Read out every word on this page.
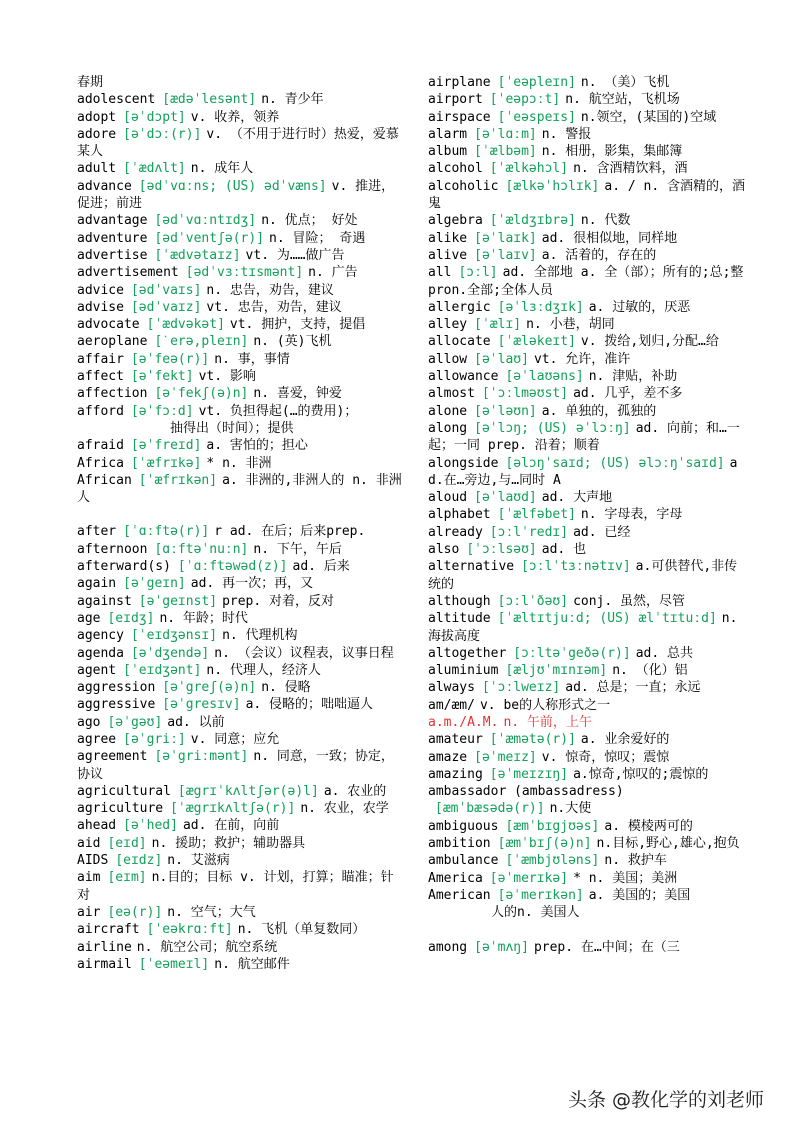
春期
adolescent [ædəˈlesənt] n. 青少年
adopt [əˈdɔpt] v. 收养，领养
adore [əˈdɔː(r)] v. （不用于进行时）热爱，爱慕某人
adult [ˈædʌlt] n. 成年人
advance [ədˈvɑːns; (US) ədˈvæns] v. 推进，促进；前进
advantage [ədˈvɑːntɪdʒ] n. 优点； 好处
adventure [ədˈventʃə(r)] n. 冒险； 奇遇
advertise [ˈædvətaɪz] vt. 为……做广告
advertisement [ədˈvɜːtɪsmənt] n. 广告
advice [ədˈvaɪs] n. 忠告，劝告，建议
advise [ədˈvaɪz] vt. 忠告，劝告，建议
advocate [ˈædvəkət] vt. 拥护，支持，提倡
aeroplane [ˋerə,pleɪn] n. (英)飞机
affair [əˈfeə(r)] n. 事，事情
affect [əˈfekt] vt. 影响
affection [əˈfekʃ(ə)n] n. 喜爱，钟爱
afford [əˈfɔːd] vt. 负担得起(…的费用)；
抽得出（时间）；提供
afraid [əˈfreɪd] a. 害怕的；担心
Africa [ˈæfrɪkə] * n. 非洲
African [ˈæfrɪkən] a. 非洲的,非洲人的 n. 非洲人
after [ˈɑːftə(r)] r ad. 在后；后来prep.
afternoon [ɑːftəˈnuːn] n. 下午，午后
afterward(s) [ˈɑːftəwəd(z)] ad. 后来
again [əˈgeɪn] ad. 再一次；再，又
against [əˈgeɪnst] prep. 对着，反对
age [eɪdʒ] n. 年龄；时代
agency [ˈeɪdʒənsɪ] n. 代理机构
agenda [əˈdʒendə] n. （会议）议程表，议事日程
agent [ˈeɪdʒənt] n. 代理人，经济人
aggression [əˈgreʃ(ə)n] n. 侵略
aggressive [əˈgresɪv] a. 侵略的；咄咄逼人
ago [əˈgəʊ] ad. 以前
agree [əˈgriː] v. 同意；应允
agreement [əˈgriːmənt] n. 同意，一致；协定，协议
agricultural [ægrɪˈkʌltʃər(ə)l] a. 农业的
agriculture [ˈægrɪkʌltʃə(r)] n. 农业，农学
ahead [əˈhed] ad. 在前，向前
aid [eɪd] n. 援助；救护；辅助器具
AIDS [eɪdz] n. 艾滋病
aim [eɪm] n.目的；目标 v. 计划，打算；瞄准；针对
air [eə(r)] n. 空气；大气
aircraft [ˈeəkrɑːft] n. 飞机（单复数同）
airline n. 航空公司；航空系统
airmail [ˈeəmeɪl] n. 航空邮件
airplane [ˈeəpleɪn] n. （美）飞机
airport [ˈeəpɔːt] n. 航空站，飞机场
airspace [ˈeəspeɪs] n.领空，(某国的)空域
alarm [əˈlɑːm] n. 警报
album [ˈælbəm] n. 相册，影集，集邮簿
alcohol [ˈælkəhɔl] n. 含酒精饮料，酒
alcoholic [ælkəˈhɔlɪk] a. / n. 含酒精的，酒鬼
algebra [ˈældʒɪbrə] n. 代数
alike [əˈlaɪk] ad. 很相似地，同样地
alive [əˈlaɪv] a. 活着的，存在的
all [ɔːl] ad. 全部地 a. 全（部）；所有的;总;整 pron.全部;全体人员
allergic [əˈlɜːdʒɪk] a. 过敏的，厌恶
alley [ˈælɪ] n. 小巷，胡同
allocate [ˈæləkeɪt] v. 拨给,划归,分配…给
allow [əˈlaʊ] vt. 允许，准许
allowance [əˈlaʊəns] n. 津贴，补助
almost [ˈɔːlməʊst] ad. 几乎，差不多
alone [əˈləʊn] a. 单独的，孤独的
along [əˈlɔŋ; (US) əˈlɔːŋ] ad. 向前；和…一起；一同 prep. 沿着；顺着
alongside [əlɔŋˈsaɪd; (US) əlɔːŋˈsaɪd] ad.在…旁边,与…同时 A
aloud [əˈlaʊd] ad. 大声地
alphabet [ˈælfəbet] n. 字母表，字母
already [ɔːlˈredɪ] ad. 已经
also [ˈɔːlsəʊ] ad. 也
alternative [ɔːlˈtɜːnətɪv] a.可供替代,非传统的
although [ɔːlˈðəʊ] conj. 虽然，尽管
altitude [ˈæltɪtjuːd; (US) ælˈtɪtuːd] n. 海拔高度
altogether [ɔːltəˈgeðə(r)] ad. 总共
aluminium [æljʊˈmɪnɪəm] n. （化）铝
always [ˈɔːlweɪz] ad. 总是；一直；永远
am/æm/ v. be的人称形式之一
a.m./A.M. n. 午前，上午
amateur [ˈæmətə(r)] a. 业余爱好的
amaze [əˈmeɪz] v. 惊奇，惊叹；震惊
amazing [əˈmeɪzɪŋ] a.惊奇,惊叹的;震惊的
ambassador (ambassadress)
[æmˈbæsədə(r)] n.大使
ambiguous [æmˈbɪgjʊəs] a. 模棱两可的
ambition [æmˈbɪʃ(ə)n] n.目标,野心,雄心,抱负
ambulance [ˈæmbjʊləns] n. 救护车
America [əˈmerɪkə] * n. 美国；美洲
American [əˈmerɪkən] a. 美国的；美国
人的n. 美国人
among [əˈmʌŋ] prep. 在…中间；在（三
头条 @教化学的刘老师
